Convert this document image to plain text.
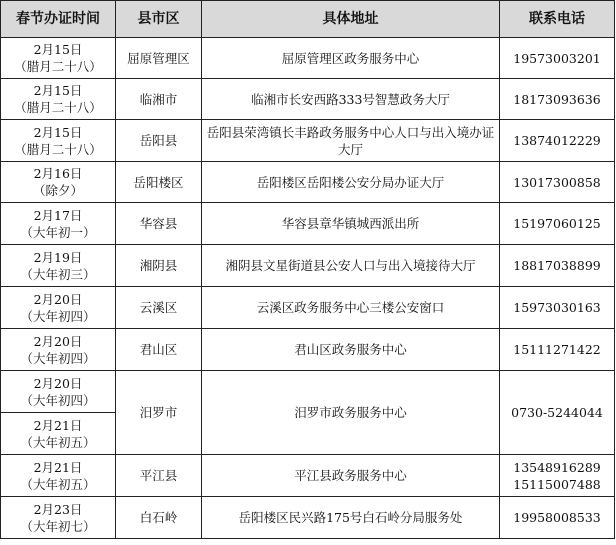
春节办证时间	县市区	具体地址	联系电话

2月15日
（腊月二十八）	屈原管理区	屈原管理区政务服务中心	19573003201

2月15日
（腊月二十八）	临湘市	临湘市长安西路333号智慧政务大厅	18173093636

2月15日
（腊月二十八）	岳阳县	岳阳县荣湾镇长丰路政务服务中心人口与出入境办证大厅	13874012229

2月16日
（除夕）	岳阳楼区	岳阳楼区岳阳楼公安分局办证大厅	13017300858

2月17日
（大年初一）	华容县	华容县章华镇城西派出所	15197060125

2月19日
（大年初三）	湘阴县	湘阴县文星街道县公安人口与出入境接待大厅	18817038899

2月20日
（大年初四）	云溪区	云溪区政务服务中心三楼公安窗口	15973030163

2月20日
（大年初四）	君山区	君山区政务服务中心	15111271422

2月20日
（大年初四）	汨罗市	汨罗市政务服务中心	0730-5244044

2月21日
（大年初五）			

2月21日
（大年初五）	平江县	平江县政务服务中心	13548916289
15115007488

2月23日
（大年初七）	白石岭	岳阳楼区民兴路175号白石岭分局服务处	19958008533
